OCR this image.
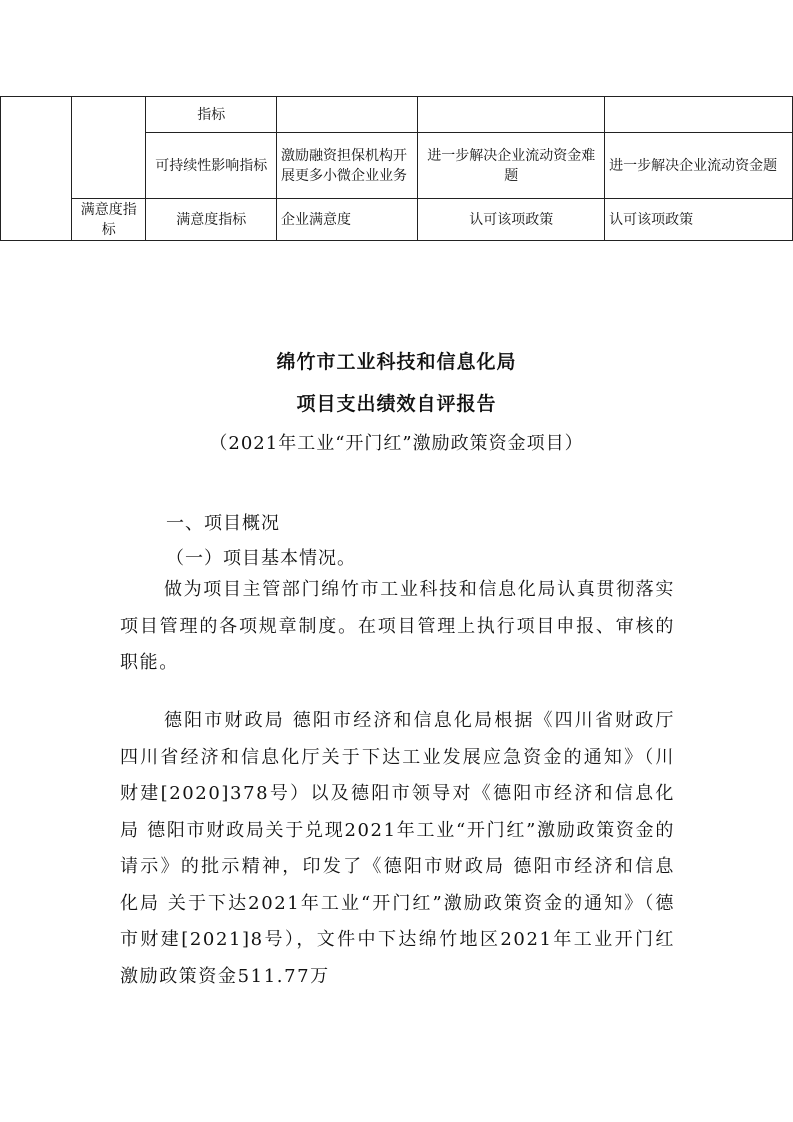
		指标			
		可持续性影响指标	激励融资担保机构开展更多小微企业业务	进一步解决企业流动资金难题	进一步解决企业流动资金题
	满意度指标	满意度指标	企业满意度	认可该项政策	认可该项政策
绵竹市工业科技和信息化局
项目支出绩效自评报告
（2021年工业“开门红”激励政策资金项目）
一、项目概况
（一）项目基本情况。

做为项目主管部门绵竹市工业科技和信息化局认真贯彻落实项目管理的各项规章制度。在项目管理上执行项目申报、审核的职能。

德阳市财政局 德阳市经济和信息化局根据《四川省财政厅 四川省经济和信息化厅关于下达工业发展应急资金的通知》（川财建[2020]378号）以及德阳市领导对《德阳市经济和信息化局 德阳市财政局关于兑现2021年工业“开门红”激励政策资金的请示》的批示精神，印发了《德阳市财政局 德阳市经济和信息化局 关于下达2021年工业“开门红”激励政策资金的通知》（德市财建[2021]8号），文件中下达绵竹地区2021年工业开门红激励政策资金511.77万
